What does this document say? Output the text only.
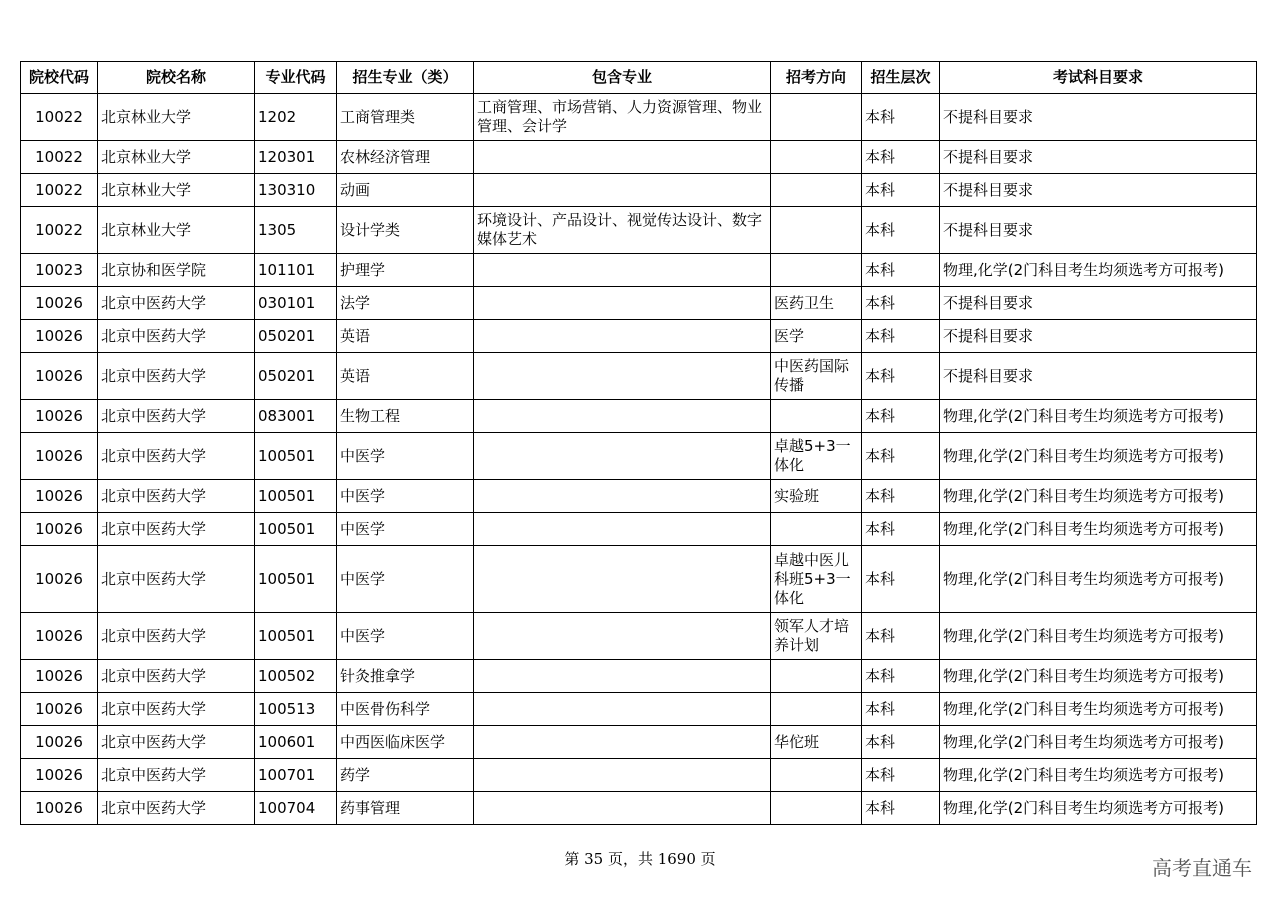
院校代码	院校名称	专业代码	招生专业（类）	包含专业	招考方向	招生层次	考试科目要求
10022	北京林业大学	1202	工商管理类	工商管理、市场营销、人力资源管理、物业管理、会计学		本科	不提科目要求
10022	北京林业大学	120301	农林经济管理			本科	不提科目要求
10022	北京林业大学	130310	动画			本科	不提科目要求
10022	北京林业大学	1305	设计学类	环境设计、产品设计、视觉传达设计、数字媒体艺术		本科	不提科目要求
10023	北京协和医学院	101101	护理学			本科	物理,化学(2门科目考生均须选考方可报考)
10026	北京中医药大学	030101	法学		医药卫生	本科	不提科目要求
10026	北京中医药大学	050201	英语		医学	本科	不提科目要求
10026	北京中医药大学	050201	英语		中医药国际传播	本科	不提科目要求
10026	北京中医药大学	083001	生物工程			本科	物理,化学(2门科目考生均须选考方可报考)
10026	北京中医药大学	100501	中医学		卓越5+3一体化	本科	物理,化学(2门科目考生均须选考方可报考)
10026	北京中医药大学	100501	中医学		实验班	本科	物理,化学(2门科目考生均须选考方可报考)
10026	北京中医药大学	100501	中医学			本科	物理,化学(2门科目考生均须选考方可报考)
10026	北京中医药大学	100501	中医学		卓越中医儿科班5+3一体化	本科	物理,化学(2门科目考生均须选考方可报考)
10026	北京中医药大学	100501	中医学		领军人才培养计划	本科	物理,化学(2门科目考生均须选考方可报考)
10026	北京中医药大学	100502	针灸推拿学			本科	物理,化学(2门科目考生均须选考方可报考)
10026	北京中医药大学	100513	中医骨伤科学			本科	物理,化学(2门科目考生均须选考方可报考)
10026	北京中医药大学	100601	中西医临床医学		华佗班	本科	物理,化学(2门科目考生均须选考方可报考)
10026	北京中医药大学	100701	药学			本科	物理,化学(2门科目考生均须选考方可报考)
10026	北京中医药大学	100704	药事管理			本科	物理,化学(2门科目考生均须选考方可报考)
第 35 页，共 1690 页	高考直通车
